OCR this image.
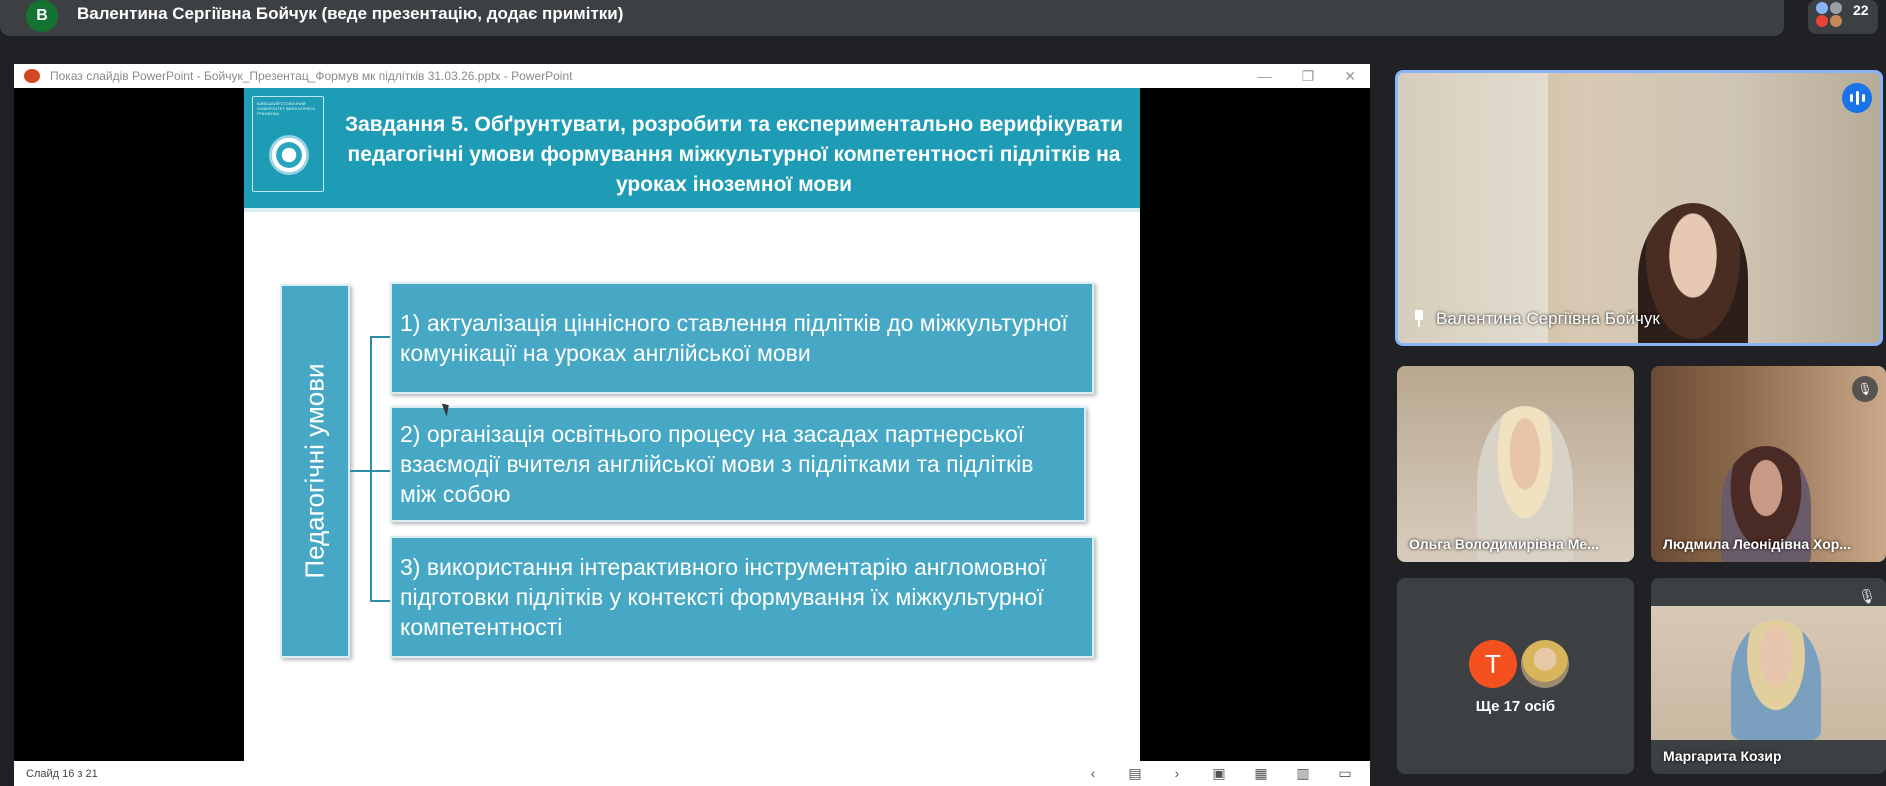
В	Валентина Сергіївна Бойчук (веде презентацію, додає примітки)	22
Показ слайдів PowerPoint - Бойчук_Презентац_Формув мк підлітків 31.03.26.pptx - PowerPoint	— ❐ ✕
КИЇВСЬКИЙ СТОЛИЧНИЙ УНІВЕРСИТЕТ ІМЕНІ БОРИСА ГРІНЧЕНКА	Завдання 5. Обґрунтувати, розробити та експериментально верифікувати педагогічні умови формування міжкультурної компетентності підлітків на уроках іноземної мови
Педагогічні умови
1) актуалізація ціннісного ставлення підлітків до міжкультурної комунікації на уроках англійської мови
2) організація освітнього процесу на засадах партнерської взаємодії вчителя англійської мови з підлітками та підлітків між собою
3) використання інтерактивного інструментарію англомовної підготовки підлітків у контексті формування їх міжкультурної компетентності
Слайд 16 з 21	‹	▤	›	▣ ▦ ▥ ▭
Валентина Сергіївна Бойчук
Ольга Володимирівна Ме...
🎙
Людмила Леонідівна Хор...
Т
Ще 17 осіб
🎙
Маргарита Козир
